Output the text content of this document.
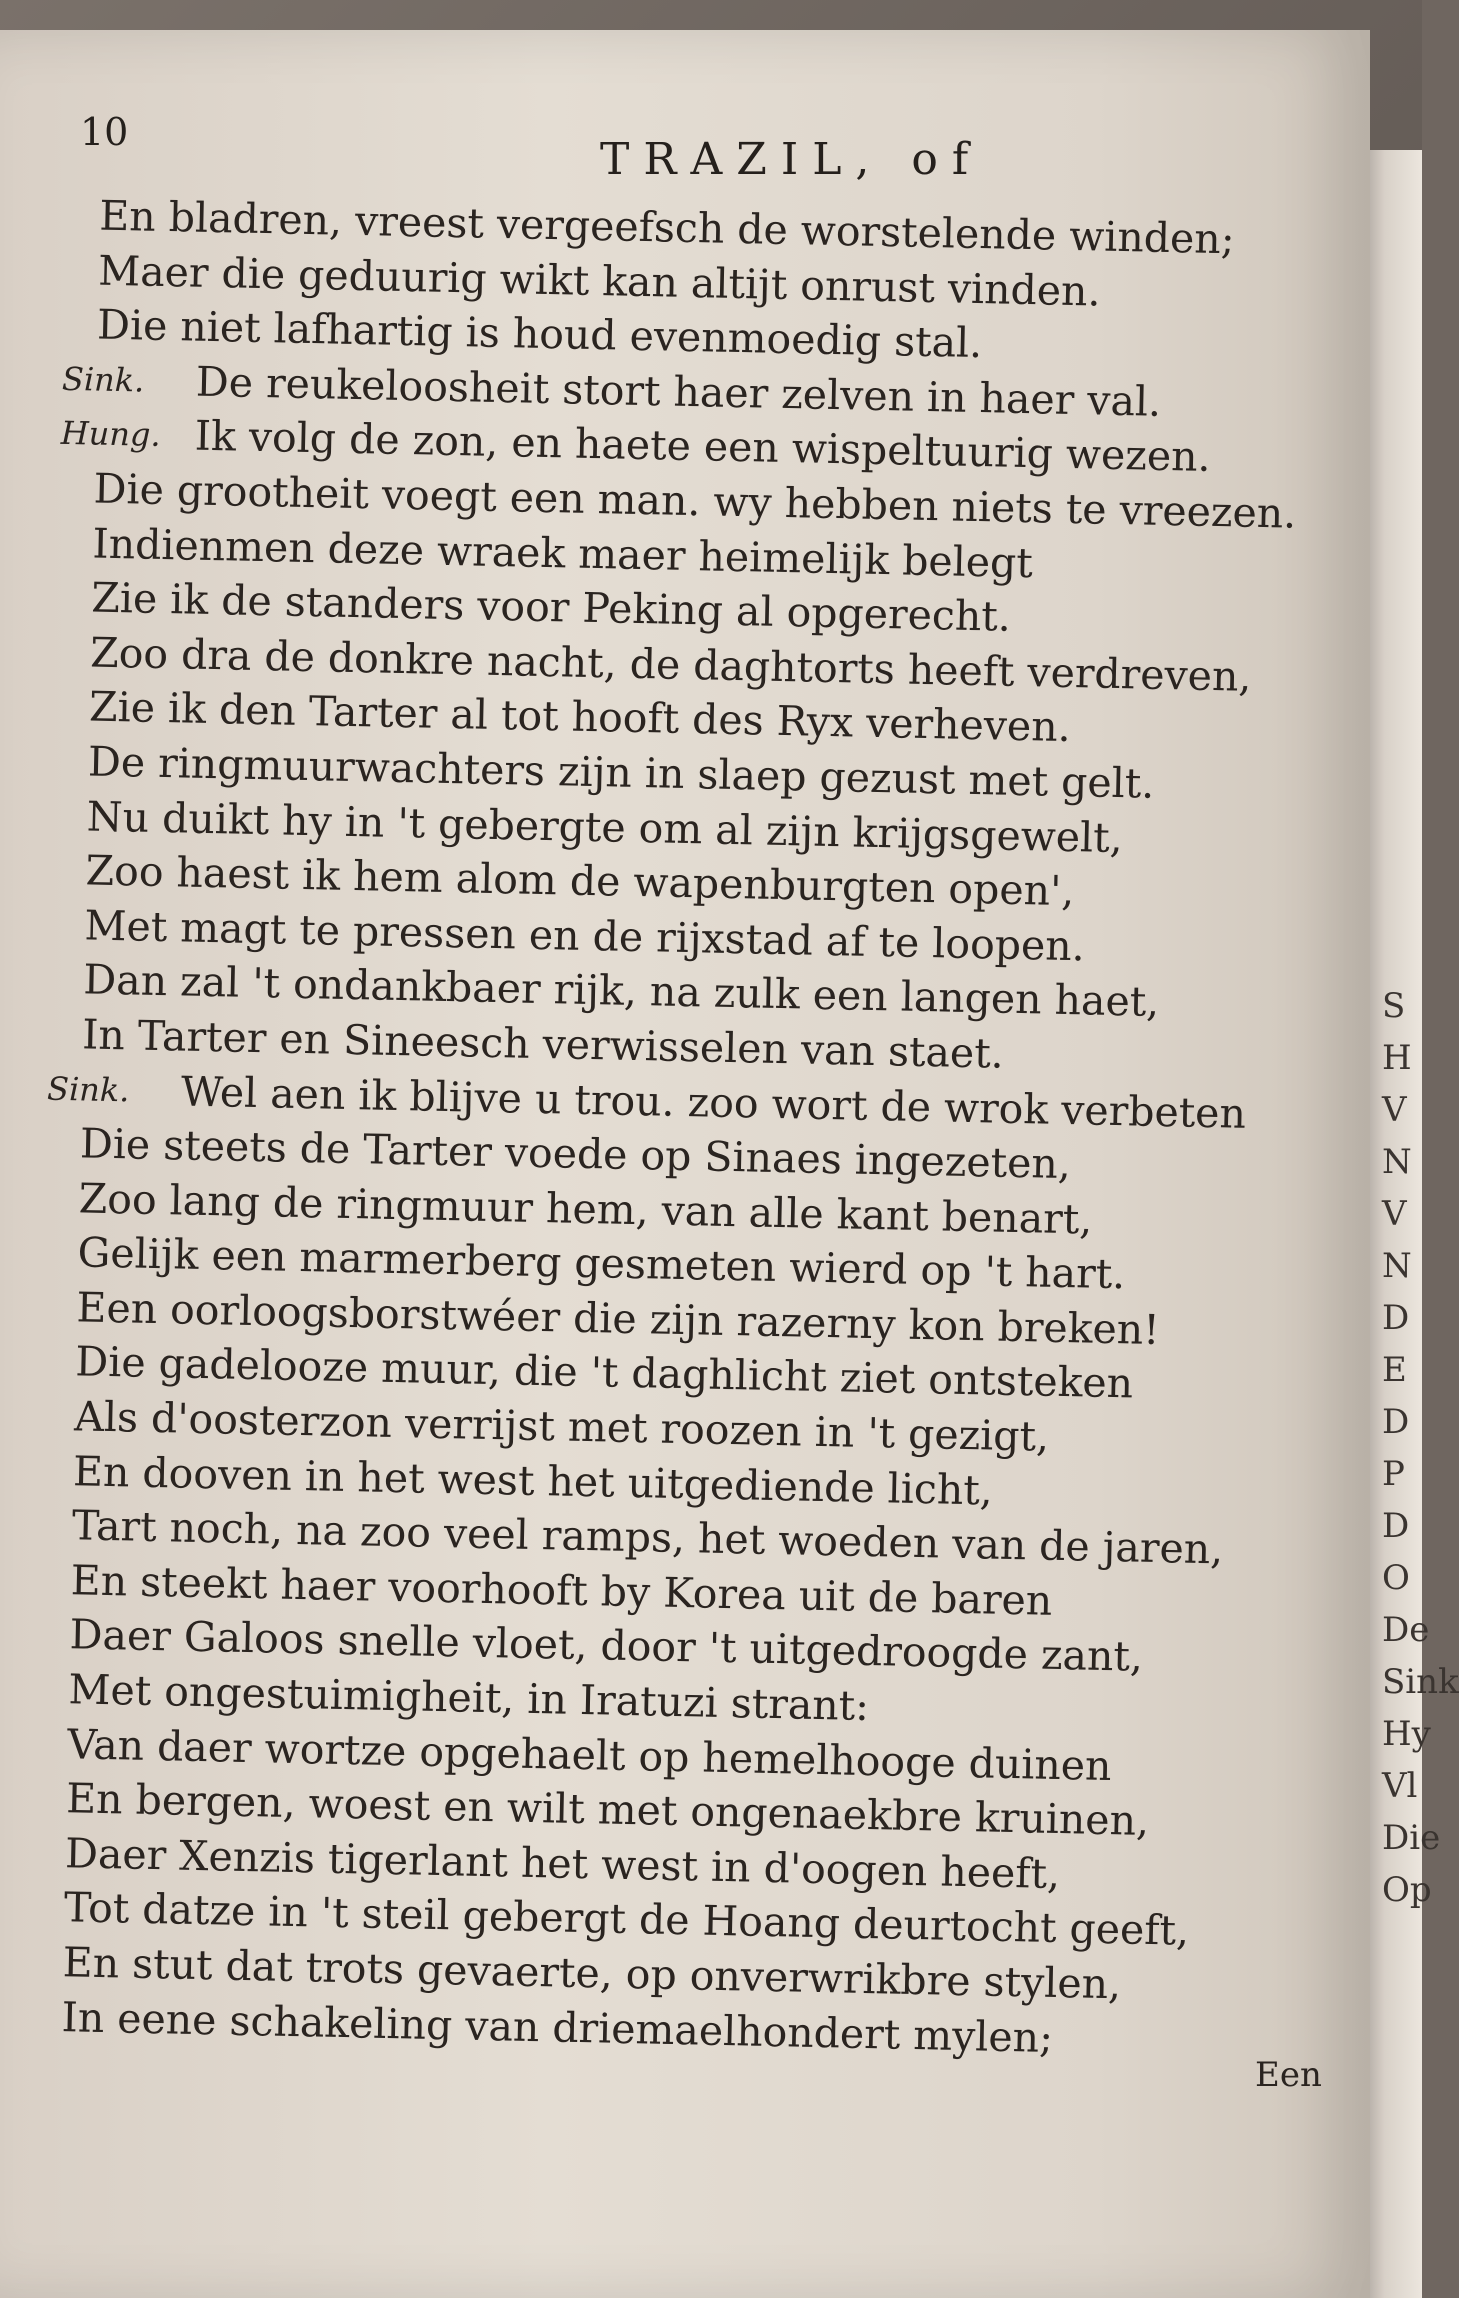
S
H
V
N
V
N
D
E
D
P
D
O
De
Sink
Hy
Vl
Die
Op
10
TRAZIL, of
En bladren, vreest vergeefsch de worstelende winden;
Maer die geduurig wikt kan altijt onrust vinden.
Die niet lafhartig is houd evenmoedig stal.
Sink. De reukeloosheit stort haer zelven in haer val.
Hung. Ik volg de zon, en haete een wispeltuurig wezen.
Die grootheit voegt een man. wy hebben niets te vreezen.
Indienmen deze wraek maer heimelijk belegt
Zie ik de standers voor Peking al opgerecht.
Zoo dra de donkre nacht, de daghtorts heeft verdreven,
Zie ik den Tarter al tot hooft des Ryx verheven.
De ringmuurwachters zijn in slaep gezust met gelt.
Nu duikt hy in 't gebergte om al zijn krijgsgewelt,
Zoo haest ik hem alom de wapenburgten open',
Met magt te pressen en de rijxstad af te loopen.
Dan zal 't ondankbaer rijk, na zulk een langen haet,
In Tarter en Sineesch verwisselen van staet.
Sink. Wel aen ik blijve u trou. zoo wort de wrok verbeten
Die steets de Tarter voede op Sinaes ingezeten,
Zoo lang de ringmuur hem, van alle kant benart,
Gelijk een marmerberg gesmeten wierd op 't hart.
Een oorloogsborstwéer die zijn razerny kon breken!
Die gadelooze muur, die 't daghlicht ziet ontsteken
Als d'oosterzon verrijst met roozen in 't gezigt,
En dooven in het west het uitgediende licht,
Tart noch, na zoo veel ramps, het woeden van de jaren,
En steekt haer voorhooft by Korea uit de baren
Daer Galoos snelle vloet, door 't uitgedroogde zant,
Met ongestuimigheit, in Iratuzi strant:
Van daer wortze opgehaelt op hemelhooge duinen
En bergen, woest en wilt met ongenaekbre kruinen,
Daer Xenzis tigerlant het west in d'oogen heeft,
Tot datze in 't steil gebergt de Hoang deurtocht geeft,
En stut dat trots gevaerte, op onverwrikbre stylen,
In eene schakeling van driemaelhondert mylen;
Een
